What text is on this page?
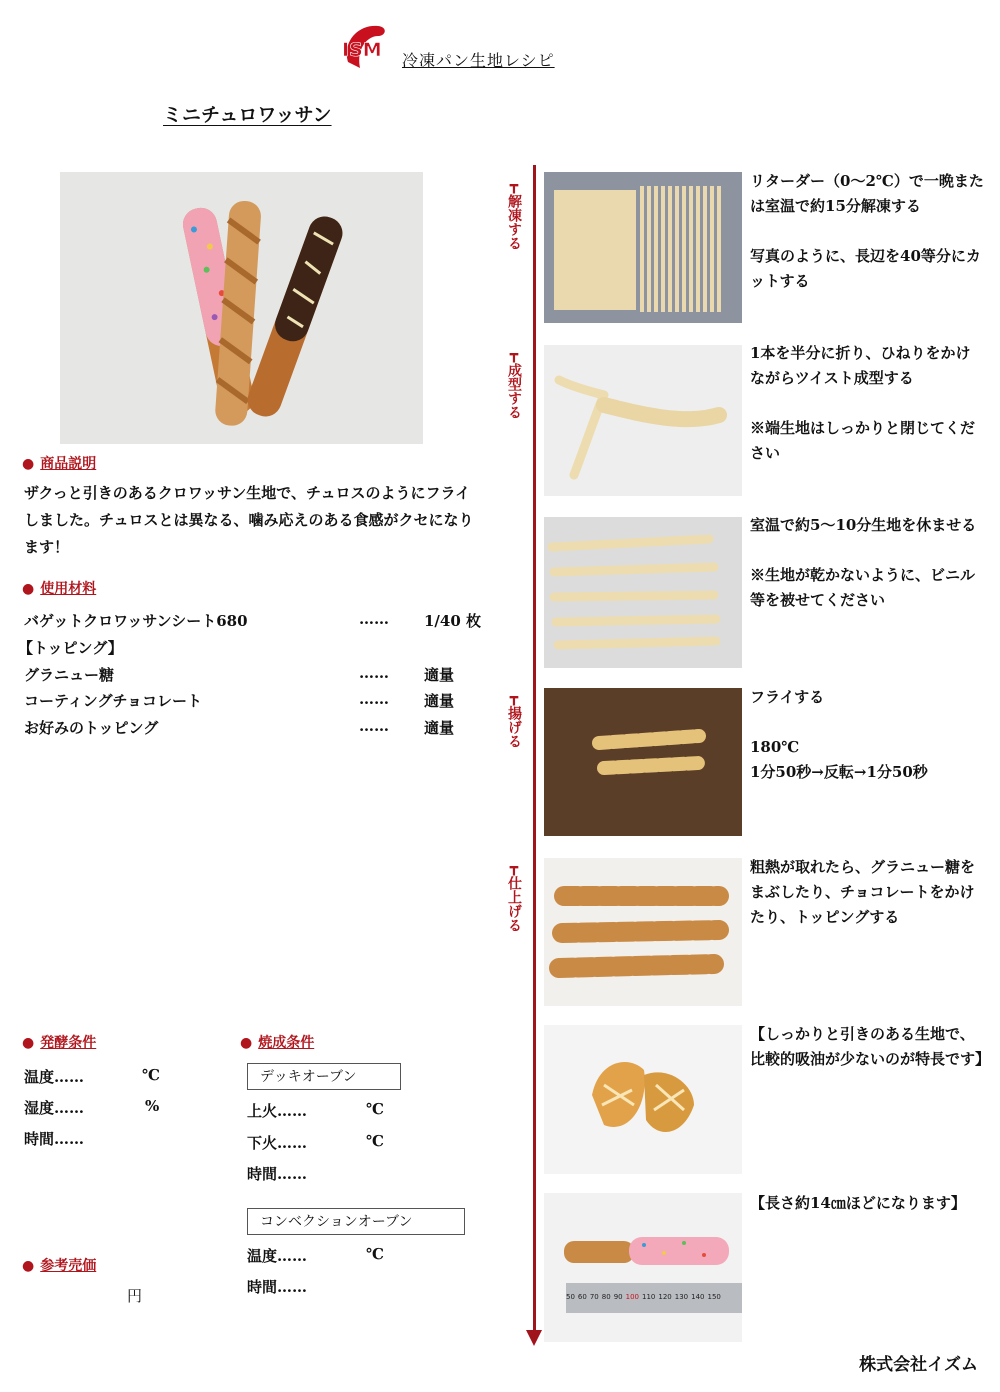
ISM 冷凍パン生地レシピ
ミニチュロワッサン
● 商品説明
ザクっと引きのあるクロワッサン生地で、チュロスのようにフライしました。チュロスとは異なる、噛み応えのある食感がクセになります！
● 使用材料
バゲットクロワッサンシート680	…… 1/40 枚
【トッピング】
グラニュー糖	…… 適量
コーティングチョコレート	…… 適量
お好みのトッピング	…… 適量
● 発酵条件
温度……	℃
湿度……	%
時間……
● 焼成条件
デッキオーブン
上火……	℃
下火……	℃
時間……
コンベクションオーブン
温度……	℃
時間……
● 参考売価
円
┳
解凍する
┳
成型する
┳
揚げる
┳
仕上げる
50 60 70 80 90 100 110 120 130 140 150

リターダー（0～2℃）で一晩または室温で約15分解凍する

写真のように、長辺を40等分にカットする

1本を半分に折り、ひねりをかけながらツイスト成型する

※端生地はしっかりと閉じてください

室温で約5～10分生地を休ませる

※生地が乾かないように、ビニル等を被せてください

フライする

180℃

1分50秒→反転→1分50秒

粗熱が取れたら、グラニュー糖をまぶしたり、チョコレートをかけたり、トッピングする

【しっかりと引きのある生地で、比較的吸油が少ないのが特長です】

【長さ約14㎝ほどになります】

株式会社イズム
